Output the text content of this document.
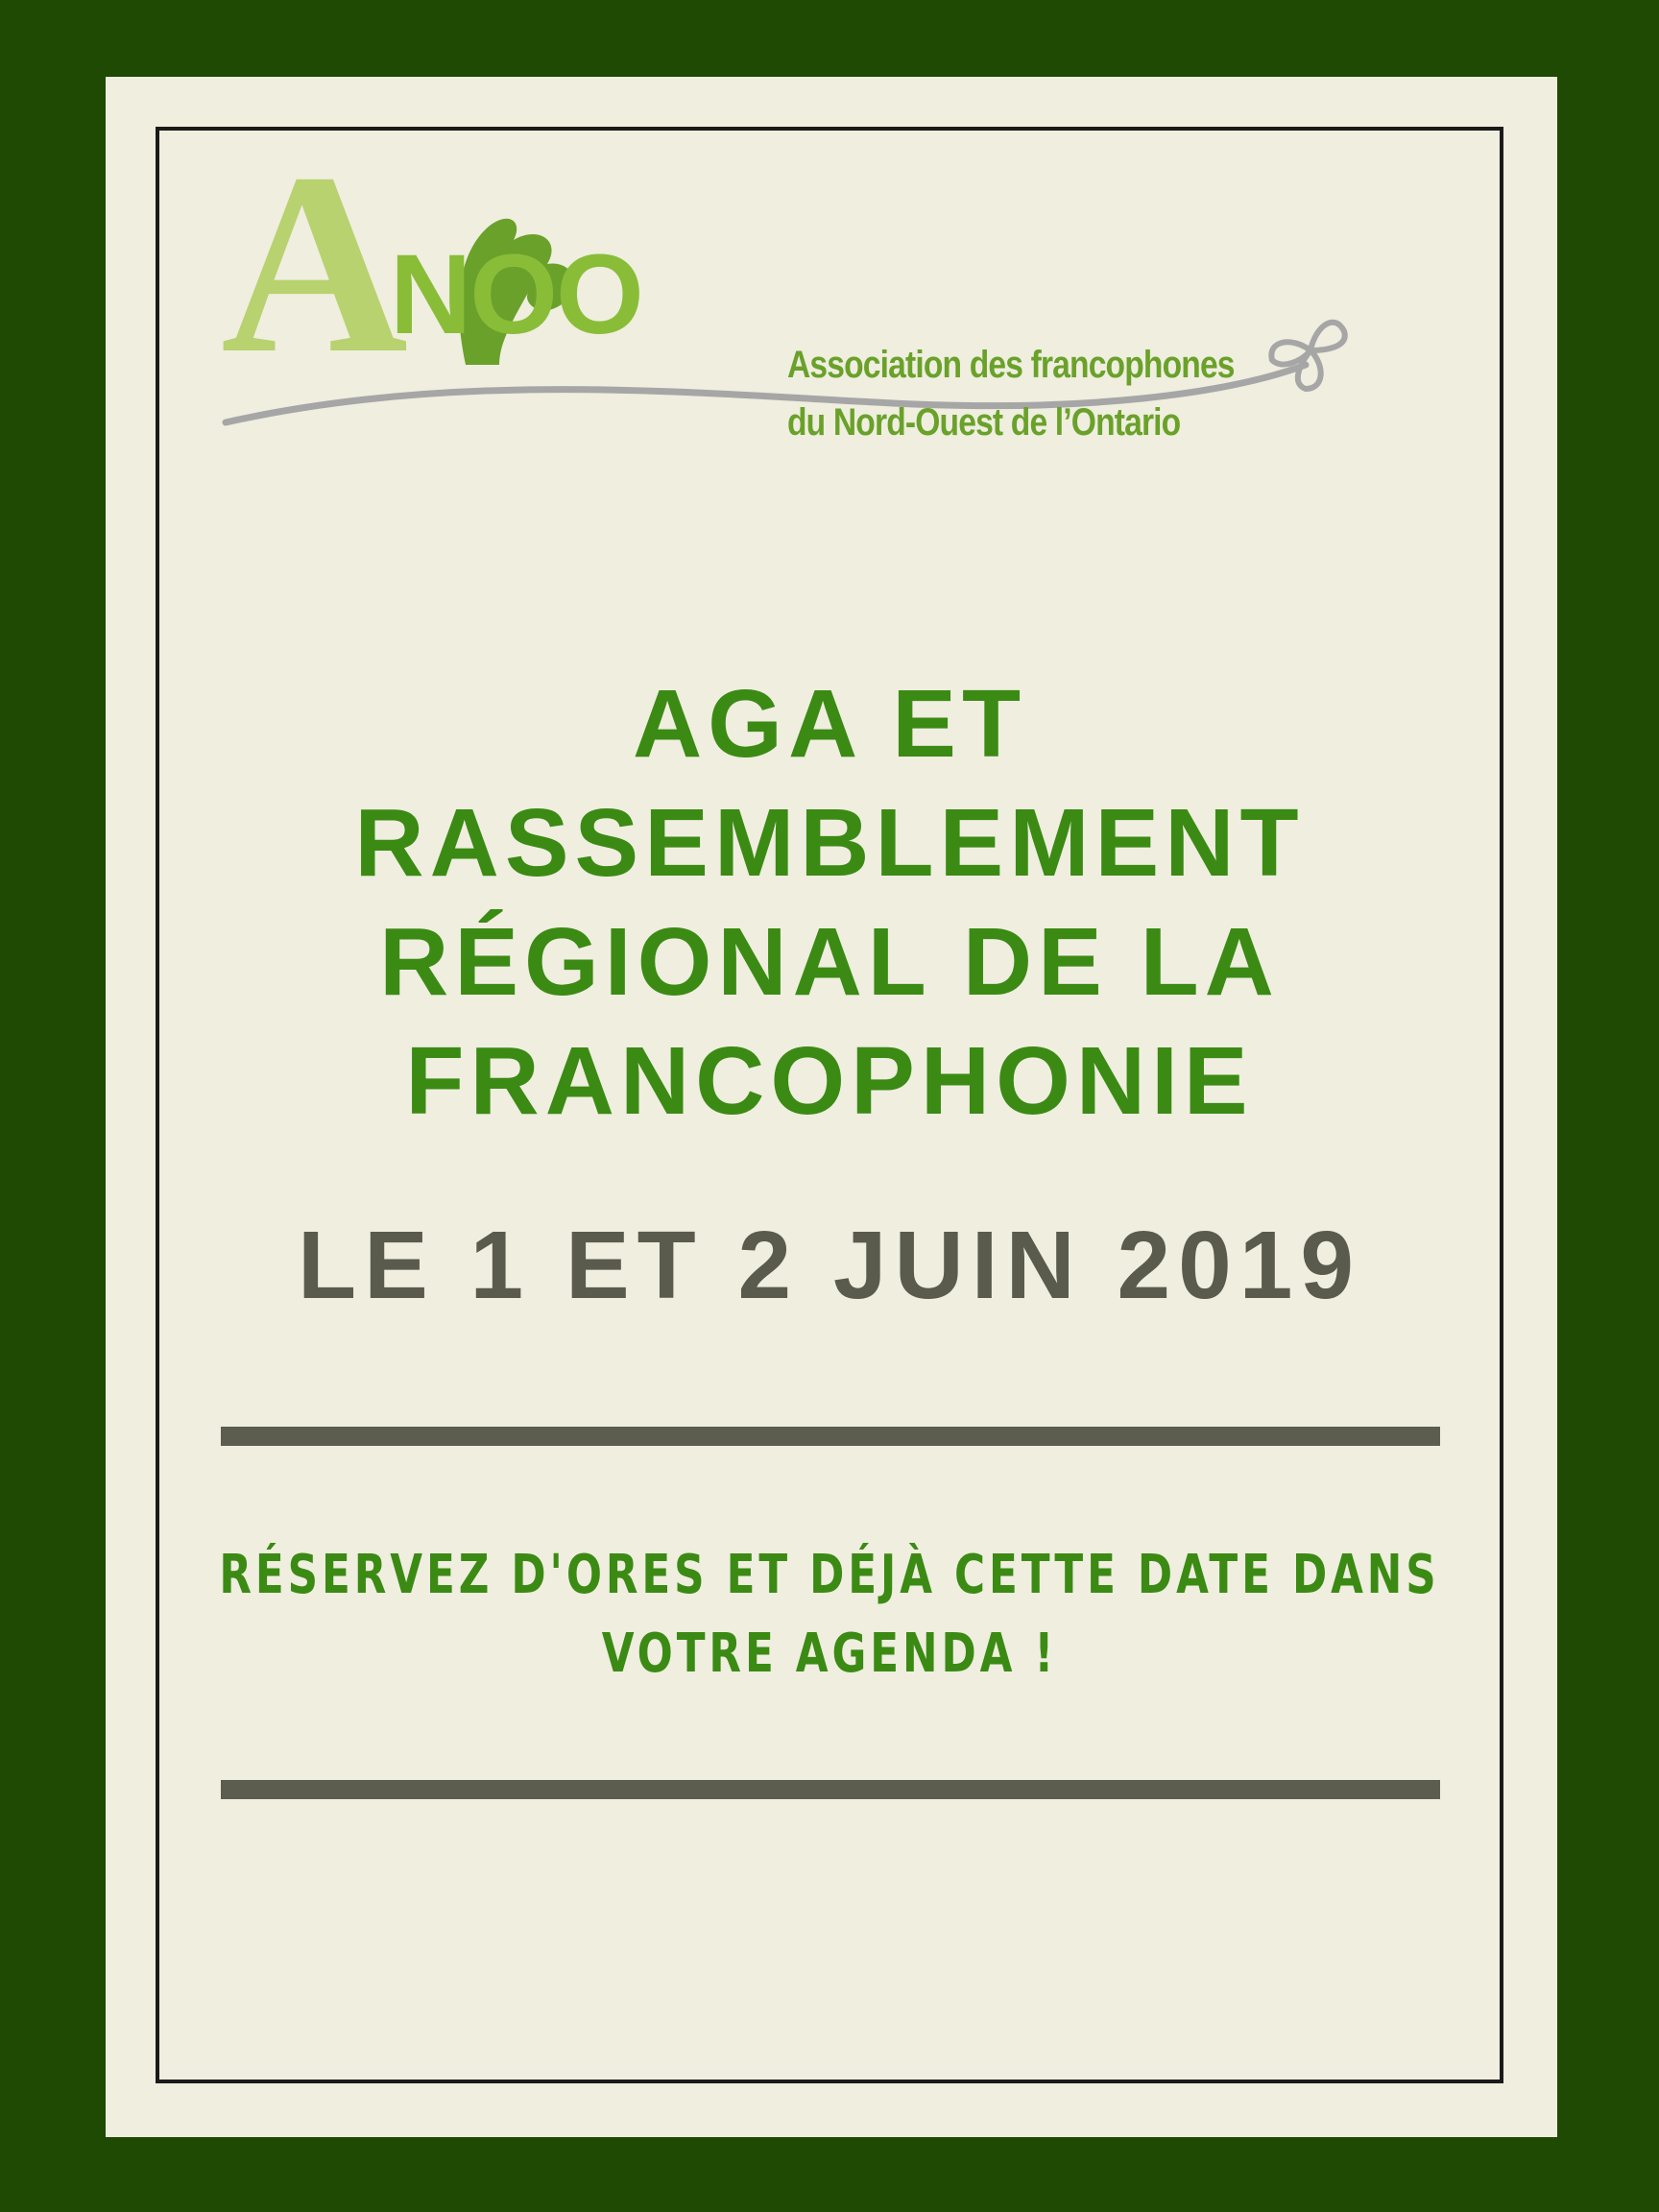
A
NOO
Association des francophones
du Nord-Ouest de l’Ontario
AGA ET
RASSEMBLEMENT
RÉGIONAL DE LA
FRANCOPHONIE
LE 1 ET 2 JUIN 2019
RÉSERVEZ D'ORES ET DÉJÀ CETTE DATE DANS
VOTRE AGENDA !
